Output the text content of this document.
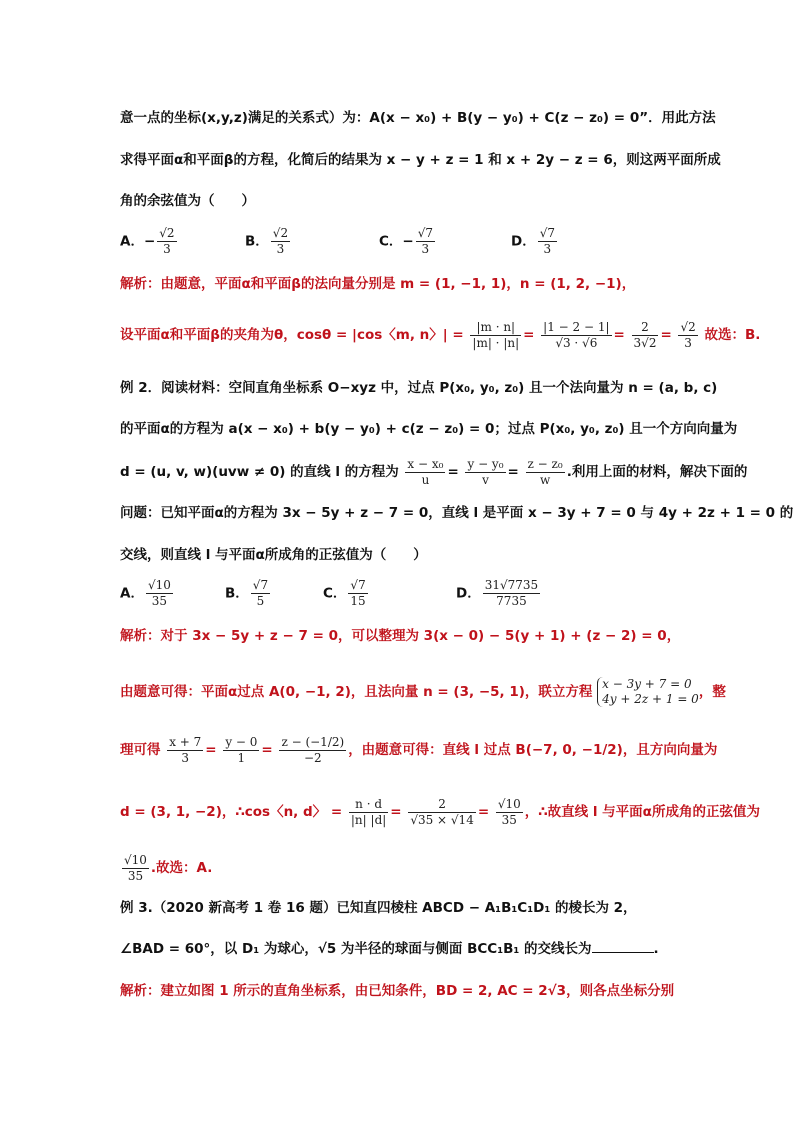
意一点的坐标(x,y,z)满足的关系式）为：A(x − x₀) + B(y − y₀) + C(z − z₀) = 0”．用此方法
求得平面α和平面β的方程，化简后的结果为 x − y + z = 1 和 x + 2y − z = 6，则这两平面所成
角的余弦值为（　　）
A．− $\frac{√2}{3}$	B． $\frac{√2}{3}$	C．− $\frac{√7}{3}$	D． $\frac{√7}{3}$
解析：由题意，平面α和平面β的法向量分别是 m = (1, −1, 1)，n = (1, 2, −1)，
设平面α和平面β的夹角为θ，cosθ = |cos〈m, n〉| = $\frac{|m \cdot n|}{|m| \cdot |n|} = \frac{|1 - 2 - 1|}{√3 \cdot √6} = \frac{2}{3√2} = \frac{√2}{3}$ 故选：B.
例 2．阅读材料：空间直角坐标系 O−xyz 中，过点 P(x₀, y₀, z₀) 且一个法向量为 n = (a, b, c)
的平面α的方程为 a(x − x₀) + b(y − y₀) + c(z − z₀) = 0；过点 P(x₀, y₀, z₀) 且一个方向向量为
d = (u, v, w)(uvw ≠ 0) 的直线 l 的方程为 $\frac{\text{x − x₀}}{u} = \frac{\text{y − y₀}}{v} = \frac{\text{z − z₀}}{w}$ .利用上面的材料，解决下面的
问题：已知平面α的方程为 3x − 5y + z − 7 = 0，直线 l 是平面 x − 3y + 7 = 0 与 4y + 2z + 1 = 0 的
交线，则直线 l 与平面α所成角的正弦值为（　　）
A． $\frac{√10}{35}$	B． $\frac{√7}{5}$	C． $\frac{√7}{15}$	D． $\frac{31√7735}{7735}$
解析：对于 3x − 5y + z − 7 = 0，可以整理为 3(x − 0) − 5(y + 1) + (z − 2) = 0，
由题意可得：平面α过点 A(0, −1, 2)，且法向量 n = (3, −5, 1)，联立方程 x − 3y + 7 = 0
4y + 2z + 1 = 0 ，整
理可得 $\frac{x + 7}{3} = \frac{y - 0}{1} = \frac{z - (-1/2)}{-2}$ ，由题意可得：直线 l 过点 B(−7, 0, −1/2)，且方向向量为
d = (3, 1, −2)，∴cos〈n, d〉 = $\frac{n \cdot d}{|n| |d|} = \frac{2}{√35 \times √14} = \frac{√10}{35}$ ，∴故直线 l 与平面α所成角的正弦值为
$\frac{√10}{35}$ .故选：A.
例 3.（2020 新高考 1 卷 16 题）已知直四棱柱 ABCD − A₁B₁C₁D₁ 的棱长为 2，
∠BAD = 60°，以 D₁ 为球心，√5 为半径的球面与侧面 BCC₁B₁ 的交线长为	.
解析：建立如图 1 所示的直角坐标系，由已知条件，BD = 2, AC = 2√3，则各点坐标分别
